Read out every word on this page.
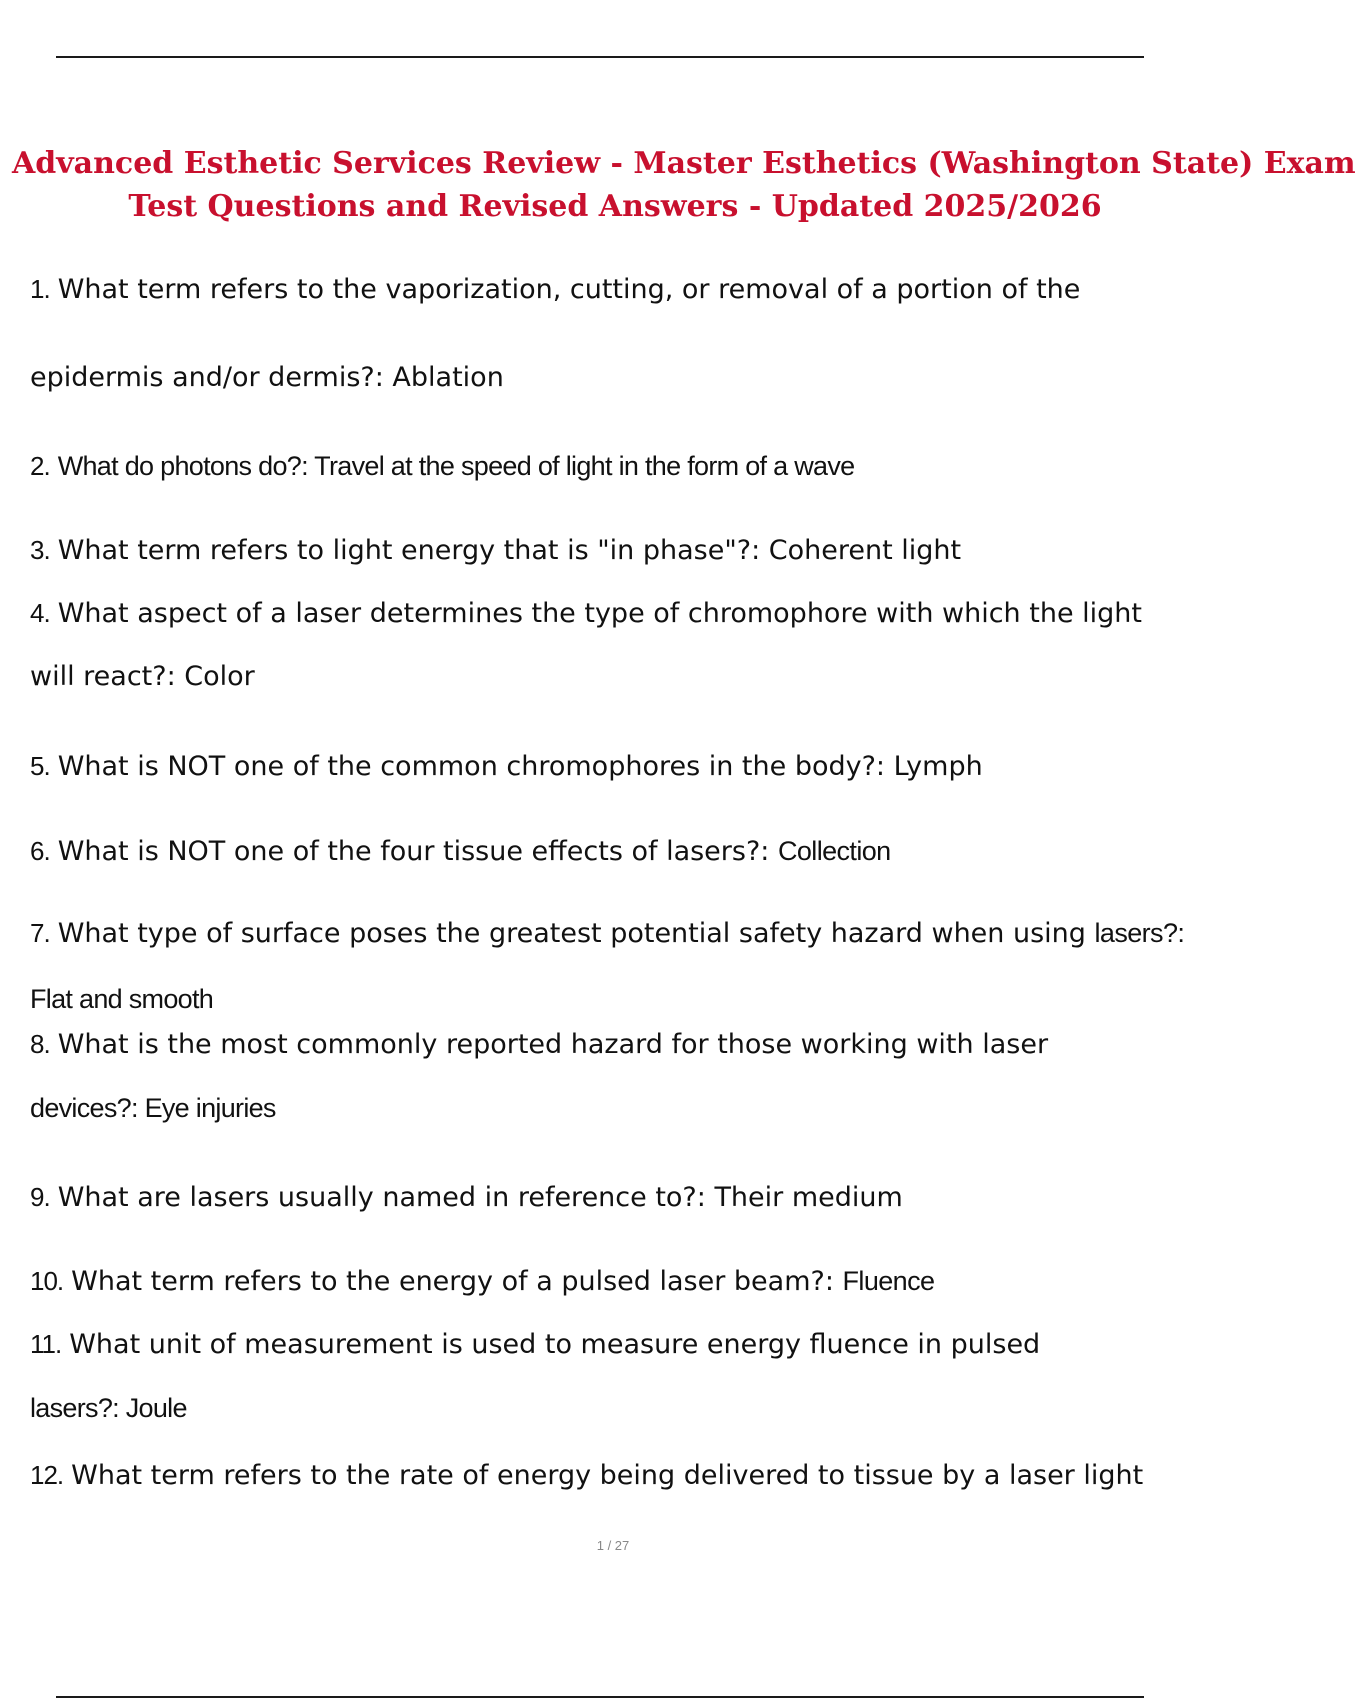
Advanced Esthetic Services Review - Master Esthetics (Washington State) Exam
Test Questions and Revised Answers - Updated 2025/2026
1. What term refers to the vaporization, cutting, or removal of a portion of the
epidermis and/or dermis?: Ablation
2. What do photons do?: Travel at the speed of light in the form of a wave
3. What term refers to light energy that is "in phase"?: Coherent light
4. What aspect of a laser determines the type of chromophore with which the light
will react?: Color
5. What is NOT one of the common chromophores in the body?: Lymph
6. What is NOT one of the four tissue effects of lasers?: Collection
7. What type of surface poses the greatest potential safety hazard when using lasers?:
Flat and smooth
8. What is the most commonly reported hazard for those working with laser
devices?: Eye injuries
9. What are lasers usually named in reference to?: Their medium
10. What term refers to the energy of a pulsed laser beam?: Fluence
11. What unit of measurement is used to measure energy fluence in pulsed
lasers?: Joule
12. What term refers to the rate of energy being delivered to tissue by a laser light
1 / 27
